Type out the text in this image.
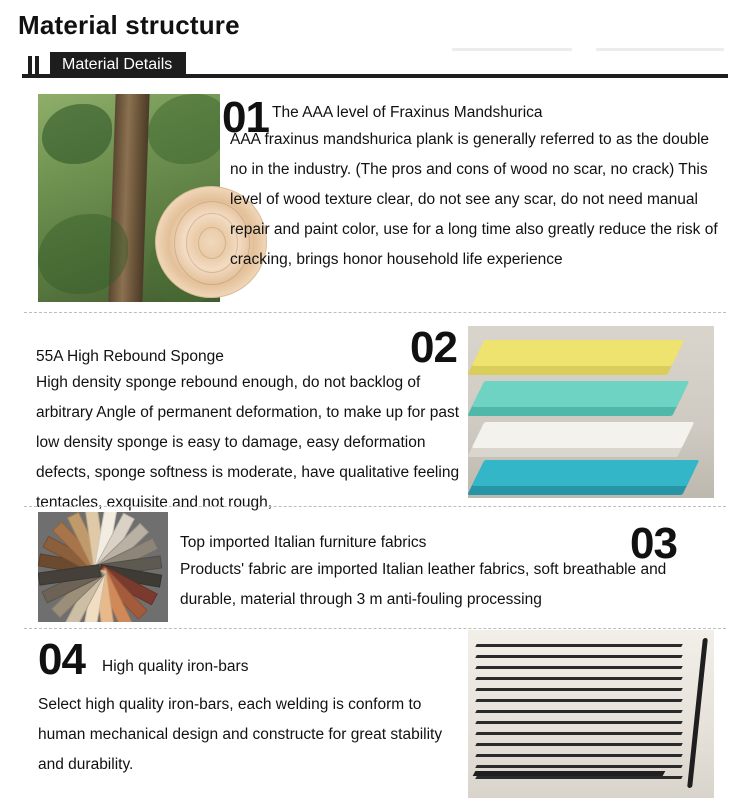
Material structure
Material Details
01 The AAA level of Fraxinus Mandshurica
AAA fraxinus mandshurica plank is generally referred to as the double no in the industry. (The pros and cons of wood no scar, no crack) This level of wood texture clear, do not see any scar, do not need manual repair and paint color, use for a long time also greatly reduce the risk of cracking, brings honor household life experience
02
55A High Rebound Sponge
High density sponge rebound enough, do not backlog of arbitrary Angle of permanent deformation, to make up for past low density sponge is easy to damage, easy deformation defects, sponge softness is moderate, have qualitative feeling tentacles, exquisite and not rough,
03
Top imported Italian furniture fabrics
Products' fabric are imported Italian leather fabrics, soft breathable and durable, material through 3 m anti-fouling processing
04 High quality iron-bars
Select high quality iron-bars, each welding is conform to human mechanical design and constructe for great stability and durability.
